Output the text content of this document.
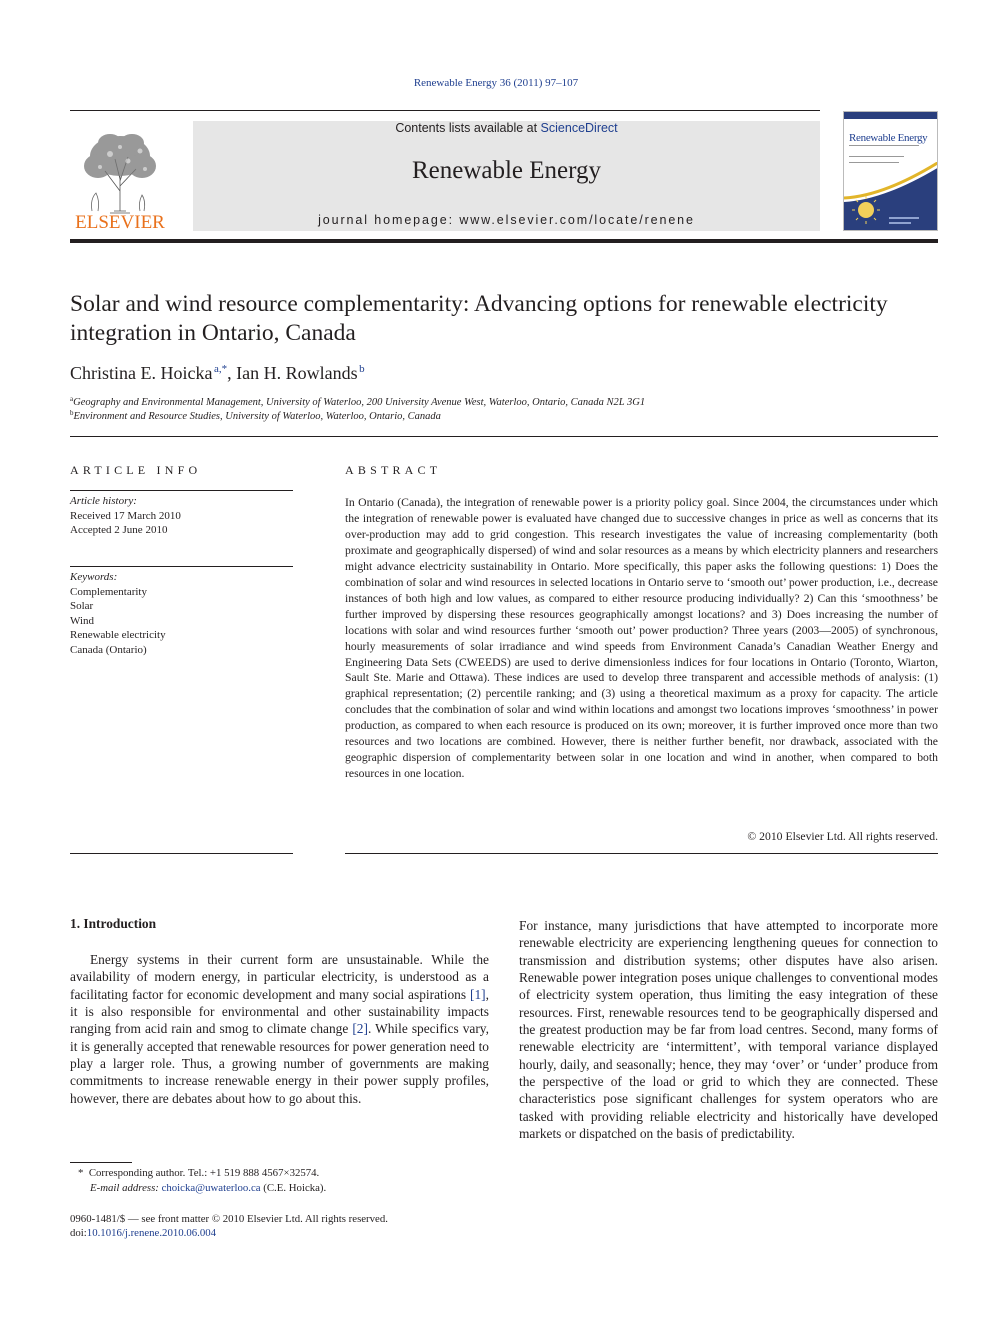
Renewable Energy 36 (2011) 97–107
ELSEVIER
Contents lists available at ScienceDirect
Renewable Energy
journal homepage: www.elsevier.com/locate/renene
Renewable Energy
Solar and wind resource complementarity: Advancing options for renewable electricity integration in Ontario, Canada
Christina E. Hoicka  $^{a,*}$, Ian H. Rowlands  $^b$
$^a$Geography and Environmental Management, University of Waterloo, 200 University Avenue West, Waterloo, Ontario, Canada N2L 3G1
$^b$Environment and Resource Studies, University of Waterloo, Waterloo, Ontario, Canada
ARTICLE INFO
Article history:
Received 17 March 2010
Accepted 2 June 2010
Keywords:
Complementarity
Solar
Wind
Renewable electricity
Canada (Ontario)
ABSTRACT
In Ontario (Canada), the integration of renewable power is a priority policy goal. Since 2004, the circumstances under which the integration of renewable power is evaluated have changed due to successive changes in price as well as concerns that its over-production may add to grid congestion. This research investigates the value of increasing complementarity (both proximate and geographically dispersed) of wind and solar resources as a means by which electricity planners and researchers might advance electricity sustainability in Ontario. More specifically, this paper asks the following questions: 1) Does the combination of solar and wind resources in selected locations in Ontario serve to ‘smooth out’ power production, i.e., decrease instances of both high and low values, as compared to either resource producing individually? 2) Can this ‘smoothness’ be further improved by dispersing these resources geographically amongst locations? and 3) Does increasing the number of locations with solar and wind resources further ‘smooth out’ power production? Three years (2003—2005) of synchronous, hourly measurements of solar irradiance and wind speeds from Environment Canada’s Canadian Weather Energy and Engineering Data Sets (CWEEDS) are used to derive dimensionless indices for four locations in Ontario (Toronto, Wiarton, Sault Ste. Marie and Ottawa). These indices are used to develop three transparent and accessible methods of analysis: (1) graphical representation; (2) percentile ranking; and (3) using a theoretical maximum as a proxy for capacity. The article concludes that the combination of solar and wind within locations and amongst two locations improves ‘smoothness’ in power production, as compared to when each resource is produced on its own; moreover, it is further improved once more than two resources and two locations are combined. However, there is neither further benefit, nor drawback, associated with the geographic dispersion of complementarity between solar in one location and wind in another, when compared to both resources in one location.
© 2010 Elsevier Ltd. All rights reserved.
1. Introduction
Energy systems in their current form are unsustainable. While the availability of modern energy, in particular electricity, is understood as a facilitating factor for economic development and many social aspirations [1], it is also responsible for environmental and other sustainability impacts ranging from acid rain and smog to climate change [2]. While specifics vary, it is generally accepted that renewable resources for power generation need to play a larger role. Thus, a growing number of governments are making commitments to increase renewable energy in their power supply profiles, however, there are debates about how to go about this.
For instance, many jurisdictions that have attempted to incorporate more renewable electricity are experiencing lengthening queues for connection to transmission and distribution systems; other disputes have also arisen. Renewable power integration poses unique challenges to conventional modes of electricity system operation, thus limiting the easy integration of these resources. First, renewable resources tend to be geographically dispersed and the greatest production may be far from load centres. Second, many forms of renewable electricity are ‘intermittent’, with temporal variance displayed hourly, daily, and seasonally; hence, they may ‘over’ or ‘under’ produce from the perspective of the load or grid to which they are connected. These characteristics pose significant challenges for system operators who are tasked with providing reliable electricity and historically have developed markets or dispatched on the basis of predictability.
* Corresponding author. Tel.: +1 519 888 4567×32574.
E-mail address: choicka@uwaterloo.ca (C.E. Hoicka).
0960-1481/$ — see front matter © 2010 Elsevier Ltd. All rights reserved.
doi:10.1016/j.renene.2010.06.004
